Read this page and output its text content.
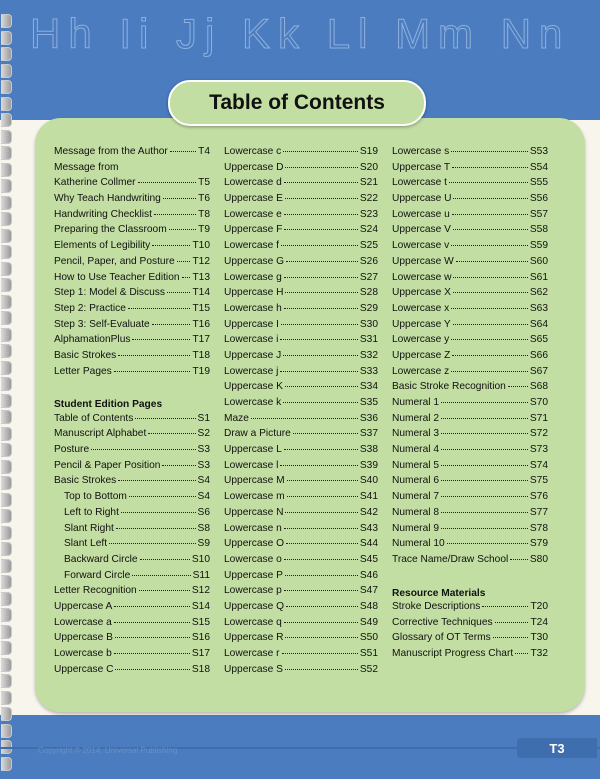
Hh Ii Jj Kk Ll Mm Nn
Table of Contents
Message from the Author	T4
Message from
Katherine Collmer	T5
Why Teach Handwriting	T6
Handwriting Checklist	T8
Preparing the Classroom	T9
Elements of Legibility	T10
Pencil, Paper, and Posture T12
How to Use Teacher Edition T13
Step 1: Model & Discuss	T14
Step 2: Practice	T15
Step 3: Self-Evaluate	T16
AlphamationPlus	T17
Basic Strokes	T18
Letter Pages	T19
Student Edition Pages
Table of Contents	S1
Manuscript Alphabet	S2
Posture	S3
Pencil & Paper Position	S3
Basic Strokes	S4
Top to Bottom	S4
Left to Right	S6
Slant Right	S8
Slant Left	S9
Backward Circle	S10
Forward Circle	S11
Letter Recognition	S12
Uppercase A	S14
Lowercase a	S15
Uppercase B	S16
Lowercase b	S17
Uppercase C	S18
Lowercase c	S19
Uppercase D	S20
Lowercase d	S21
Uppercase E	S22
Lowercase e	S23
Uppercase F	S24
Lowercase f	S25
Uppercase G	S26
Lowercase g	S27
Uppercase H	S28
Lowercase h	S29
Uppercase I	S30
Lowercase i	S31
Uppercase J	S32
Lowercase j	S33
Uppercase K	S34
Lowercase k	S35
Maze	S36
Draw a Picture	S37
Uppercase L	S38
Lowercase l	S39
Uppercase M	S40
Lowercase m	S41
Uppercase N	S42
Lowercase n	S43
Uppercase O	S44
Lowercase o	S45
Uppercase P	S46
Lowercase p	S47
Uppercase Q	S48
Lowercase q	S49
Uppercase R	S50
Lowercase r	S51
Uppercase S	S52
Lowercase s	S53
Uppercase T	S54
Lowercase t	S55
Uppercase U	S56
Lowercase u	S57
Uppercase V	S58
Lowercase v	S59
Uppercase W	S60
Lowercase w	S61
Uppercase X	S62
Lowercase x	S63
Uppercase Y	S64
Lowercase y	S65
Uppercase Z	S66
Lowercase z	S67
Basic Stroke Recognition S68
Numeral 1	S70
Numeral 2	S71
Numeral 3	S72
Numeral 4	S73
Numeral 5	S74
Numeral 6	S75
Numeral 7	S76
Numeral 8	S77
Numeral 9	S78
Numeral 10	S79
Trace Name/Draw School S80
Resource Materials
Stroke Descriptions	T20
Corrective Techniques	T24
Glossary of OT Terms	T30
Manuscript Progress Chart T32
Copyright © 2014, Universal Publishing	T3
